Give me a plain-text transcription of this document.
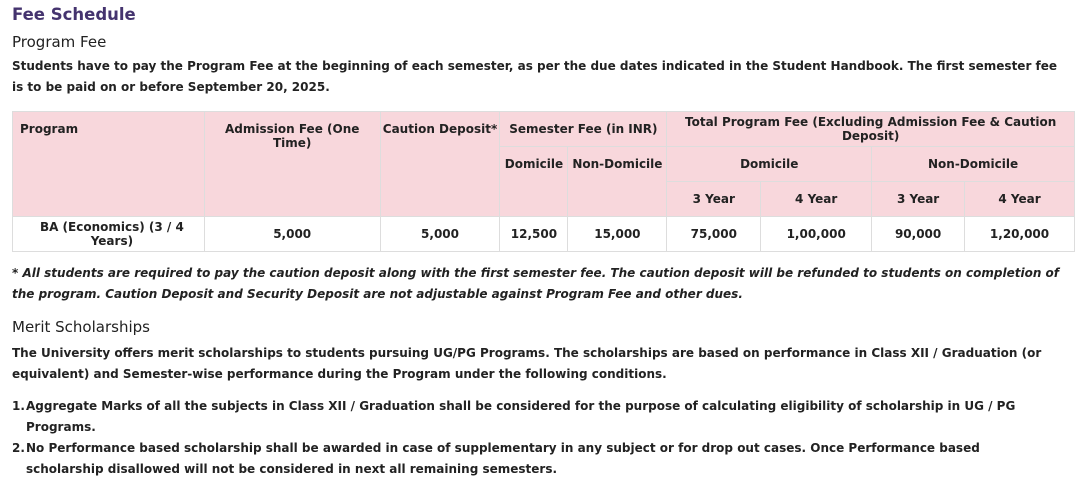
Fee Schedule
Program Fee
Students have to pay the Program Fee at the beginning of each semester, as per the due dates indicated in the Student Handbook. The first semester fee is to be paid on or before September 20, 2025.
Program	Admission Fee (One Time)	Caution Deposit*	Semester Fee (in INR)		Total Program Fee (Excluding Admission Fee & Caution Deposit)			
			Domicile	Non-Domicile	Domicile		Non-Domicile	
					3 Year	4 Year	3 Year	4 Year
BA (Economics) (3 / 4 Years)	5,000	5,000	12,500	15,000	75,000	1,00,000	90,000	1,20,000
* All students are required to pay the caution deposit along with the first semester fee. The caution deposit will be refunded to students on completion of the program. Caution Deposit and Security Deposit are not adjustable against Program Fee and other dues.
Merit Scholarships
The University offers merit scholarships to students pursuing UG/PG Programs. The scholarships are based on performance in Class XII / Graduation (or equivalent) and Semester-wise performance during the Program under the following conditions.
1. Aggregate Marks of all the subjects in Class XII / Graduation shall be considered for the purpose of calculating eligibility of scholarship in UG / PG Programs.
2. No Performance based scholarship shall be awarded in case of supplementary in any subject or for drop out cases. Once Performance based scholarship disallowed will not be considered in next all remaining semesters.
